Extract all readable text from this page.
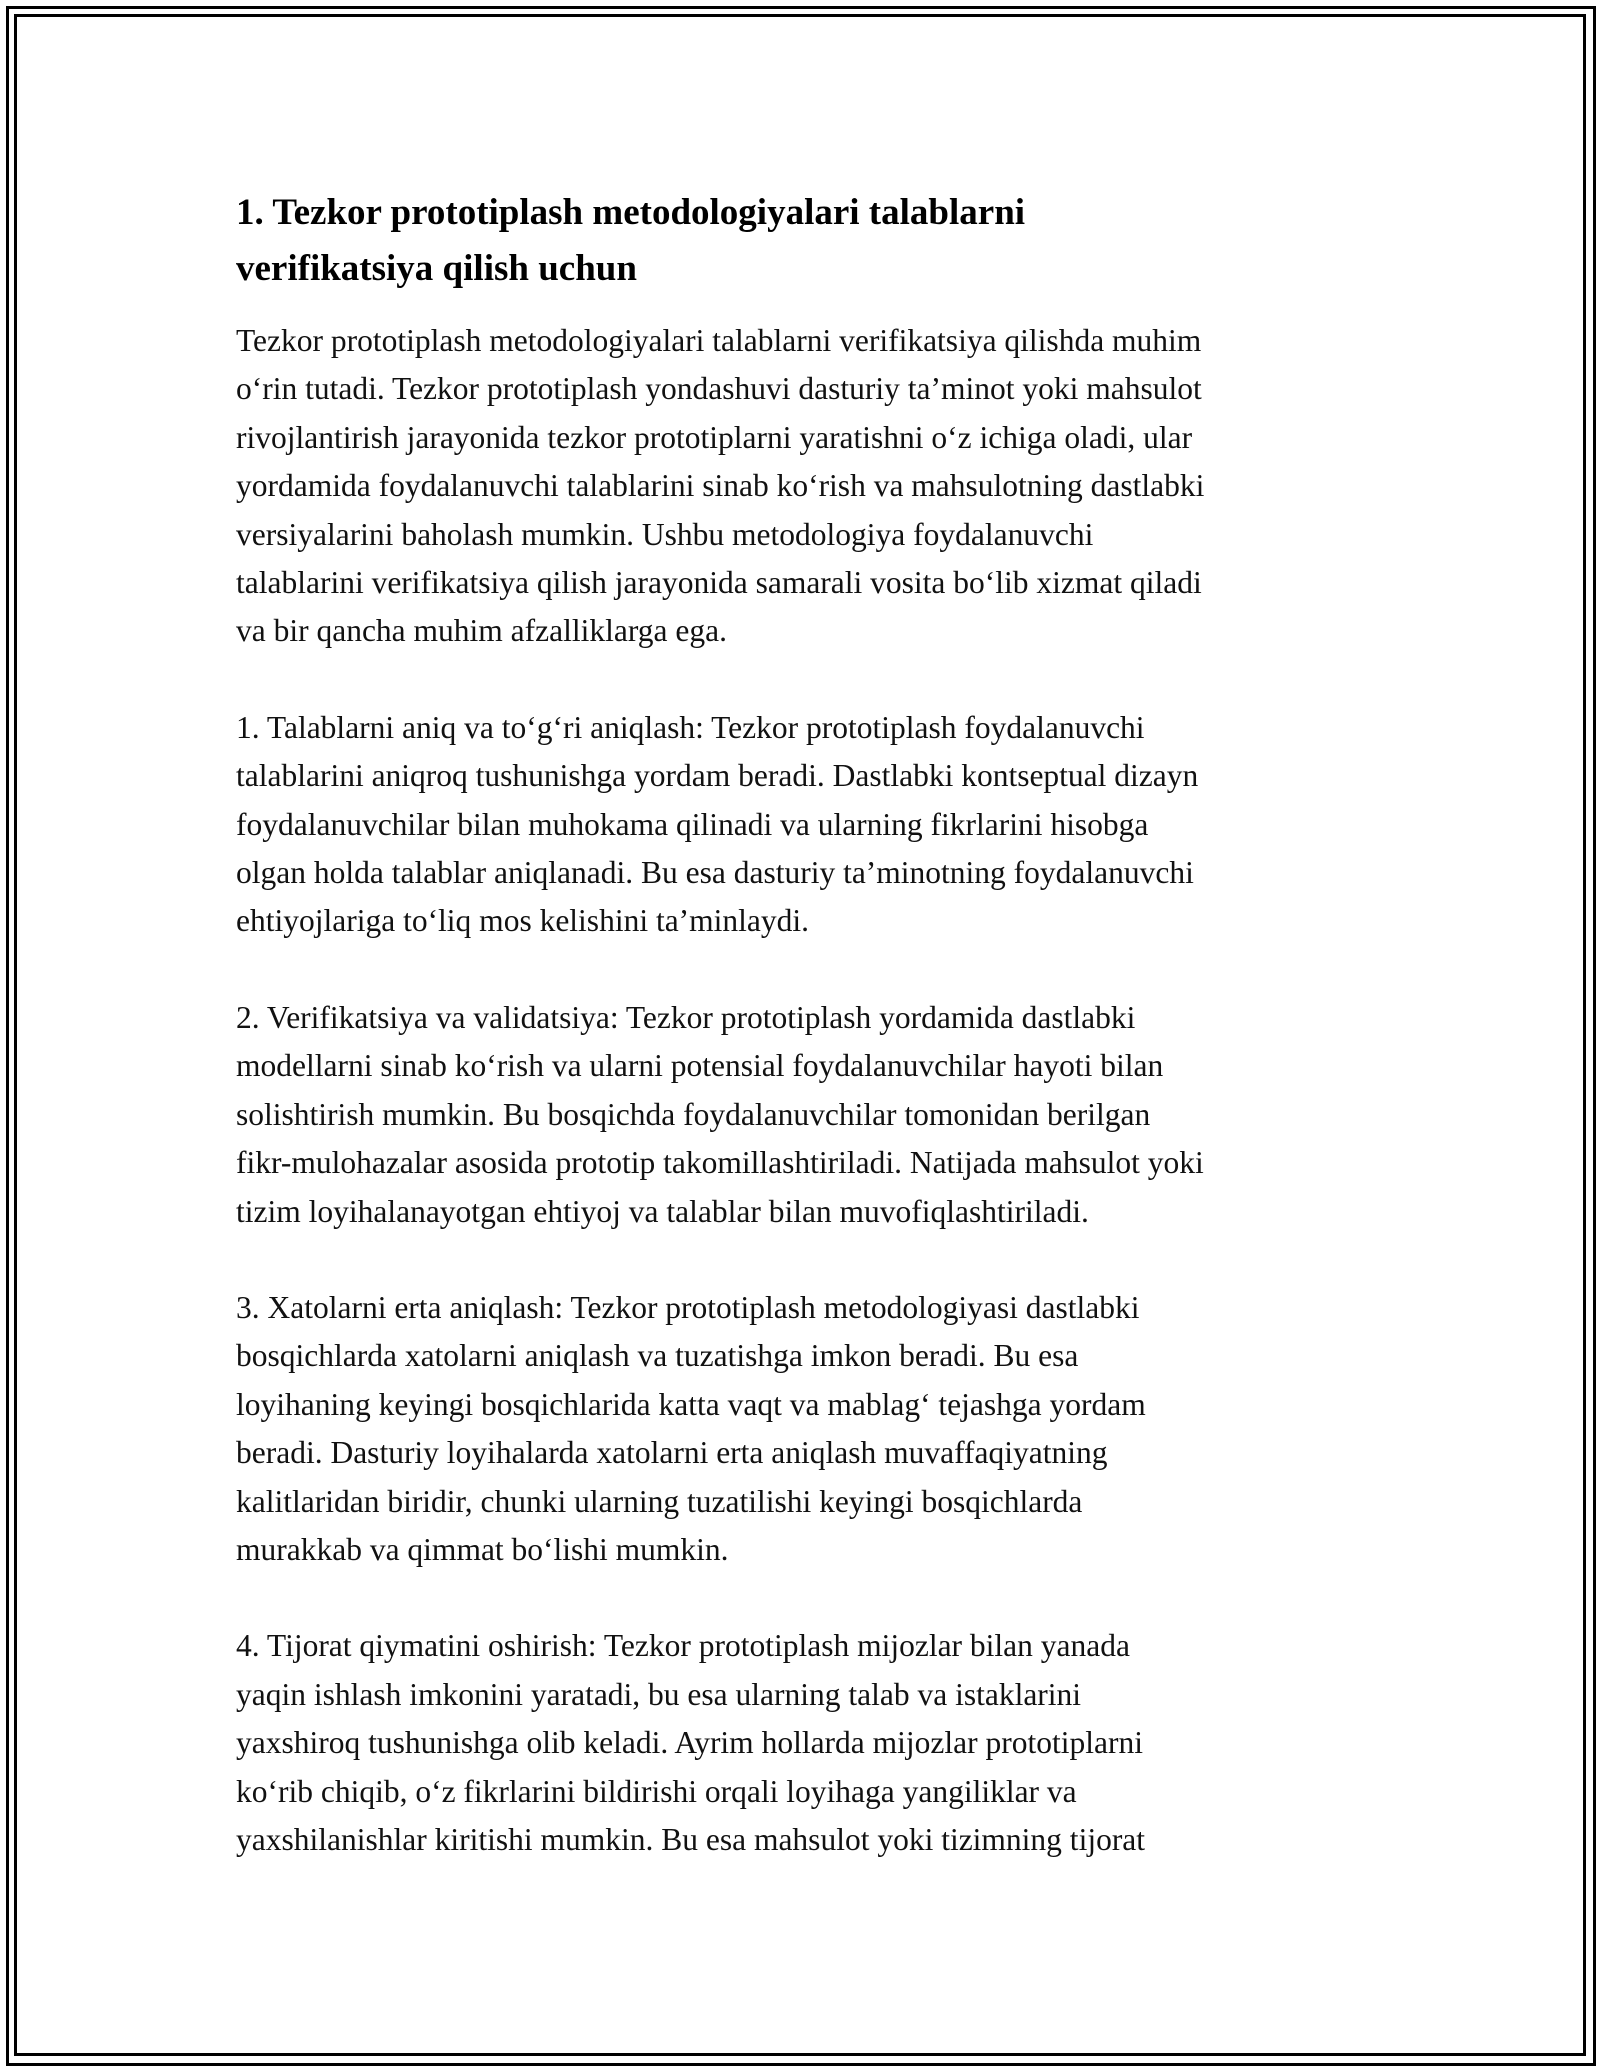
1. Tezkor prototiplash metodologiyalari talablarni
verifikatsiya qilish uchun

Tezkor prototiplash metodologiyalari talablarni verifikatsiya qilishda muhim
o‘rin tutadi. Tezkor prototiplash yondashuvi dasturiy ta’minot yoki mahsulot
rivojlantirish jarayonida tezkor prototiplarni yaratishni o‘z ichiga oladi, ular
yordamida foydalanuvchi talablarini sinab ko‘rish va mahsulotning dastlabki
versiyalarini baholash mumkin. Ushbu metodologiya foydalanuvchi
talablarini verifikatsiya qilish jarayonida samarali vosita bo‘lib xizmat qiladi
va bir qancha muhim afzalliklarga ega.

1. Talablarni aniq va to‘g‘ri aniqlash: Tezkor prototiplash foydalanuvchi
talablarini aniqroq tushunishga yordam beradi. Dastlabki kontseptual dizayn
foydalanuvchilar bilan muhokama qilinadi va ularning fikrlarini hisobga
olgan holda talablar aniqlanadi. Bu esa dasturiy ta’minotning foydalanuvchi
ehtiyojlariga to‘liq mos kelishini ta’minlaydi.

2. Verifikatsiya va validatsiya: Tezkor prototiplash yordamida dastlabki
modellarni sinab ko‘rish va ularni potensial foydalanuvchilar hayoti bilan
solishtirish mumkin. Bu bosqichda foydalanuvchilar tomonidan berilgan
fikr-mulohazalar asosida prototip takomillashtiriladi. Natijada mahsulot yoki
tizim loyihalanayotgan ehtiyoj va talablar bilan muvofiqlashtiriladi.

3. Xatolarni erta aniqlash: Tezkor prototiplash metodologiyasi dastlabki
bosqichlarda xatolarni aniqlash va tuzatishga imkon beradi. Bu esa
loyihaning keyingi bosqichlarida katta vaqt va mablag‘ tejashga yordam
beradi. Dasturiy loyihalarda xatolarni erta aniqlash muvaffaqiyatning
kalitlaridan biridir, chunki ularning tuzatilishi keyingi bosqichlarda
murakkab va qimmat bo‘lishi mumkin.

4. Tijorat qiymatini oshirish: Tezkor prototiplash mijozlar bilan yanada
yaqin ishlash imkonini yaratadi, bu esa ularning talab va istaklarini
yaxshiroq tushunishga olib keladi. Ayrim hollarda mijozlar prototiplarni
ko‘rib chiqib, o‘z fikrlarini bildirishi orqali loyihaga yangiliklar va
yaxshilanishlar kiritishi mumkin. Bu esa mahsulot yoki tizimning tijorat
